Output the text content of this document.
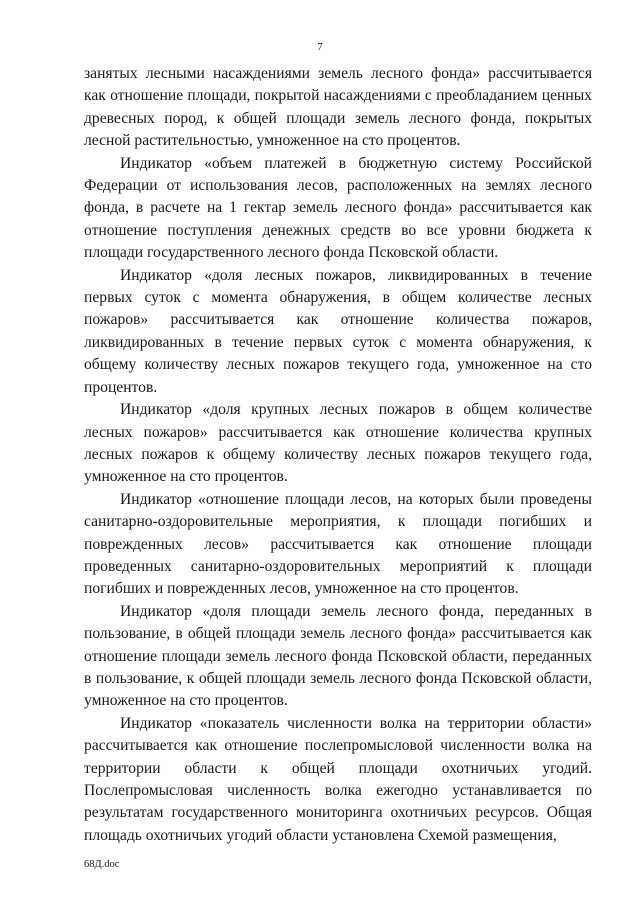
7

занятых лесными насаждениями земель лесного фонда» рассчитывается как отношение площади, покрытой насаждениями с преобладанием ценных древесных пород, к общей площади земель лесного фонда, покрытых лесной растительностью, умноженное на сто процентов.

Индикатор «объем платежей в бюджетную систему Российской Федерации от использования лесов, расположенных на землях лесного фонда, в расчете на 1 гектар земель лесного фонда» рассчитывается как отношение поступления денежных средств во все уровни бюджета к площади государственного лесного фонда Псковской области.

Индикатор «доля лесных пожаров, ликвидированных в течение первых суток с момента обнаружения, в общем количестве лесных пожаров» рассчитывается как отношение количества пожаров, ликвидированных в течение первых суток с момента обнаружения, к общему количеству лесных пожаров текущего года, умноженное на сто процентов.

Индикатор «доля крупных лесных пожаров в общем количестве лесных пожаров» рассчитывается как отношение количества крупных лесных пожаров к общему количеству лесных пожаров текущего года, умноженное на сто процентов.

Индикатор «отношение площади лесов, на которых были проведены санитарно-оздоровительные мероприятия, к площади погибших и поврежденных лесов» рассчитывается как отношение площади проведенных санитарно-оздоровительных мероприятий к площади погибших и поврежденных лесов, умноженное на сто процентов.

Индикатор «доля площади земель лесного фонда, переданных в пользование, в общей площади земель лесного фонда» рассчитывается как отношение площади земель лесного фонда Псковской области, переданных в пользование, к общей площади земель лесного фонда Псковской области, умноженное на сто процентов.

Индикатор «показатель численности волка на территории области» рассчитывается как отношение послепромысловой численности волка на территории области к общей площади охотничьих угодий. Послепромысловая численность волка ежегодно устанавливается по результатам государственного мониторинга охотничьих ресурсов. Общая площадь охотничьих угодий области установлена Схемой размещения,

68Д.doc
